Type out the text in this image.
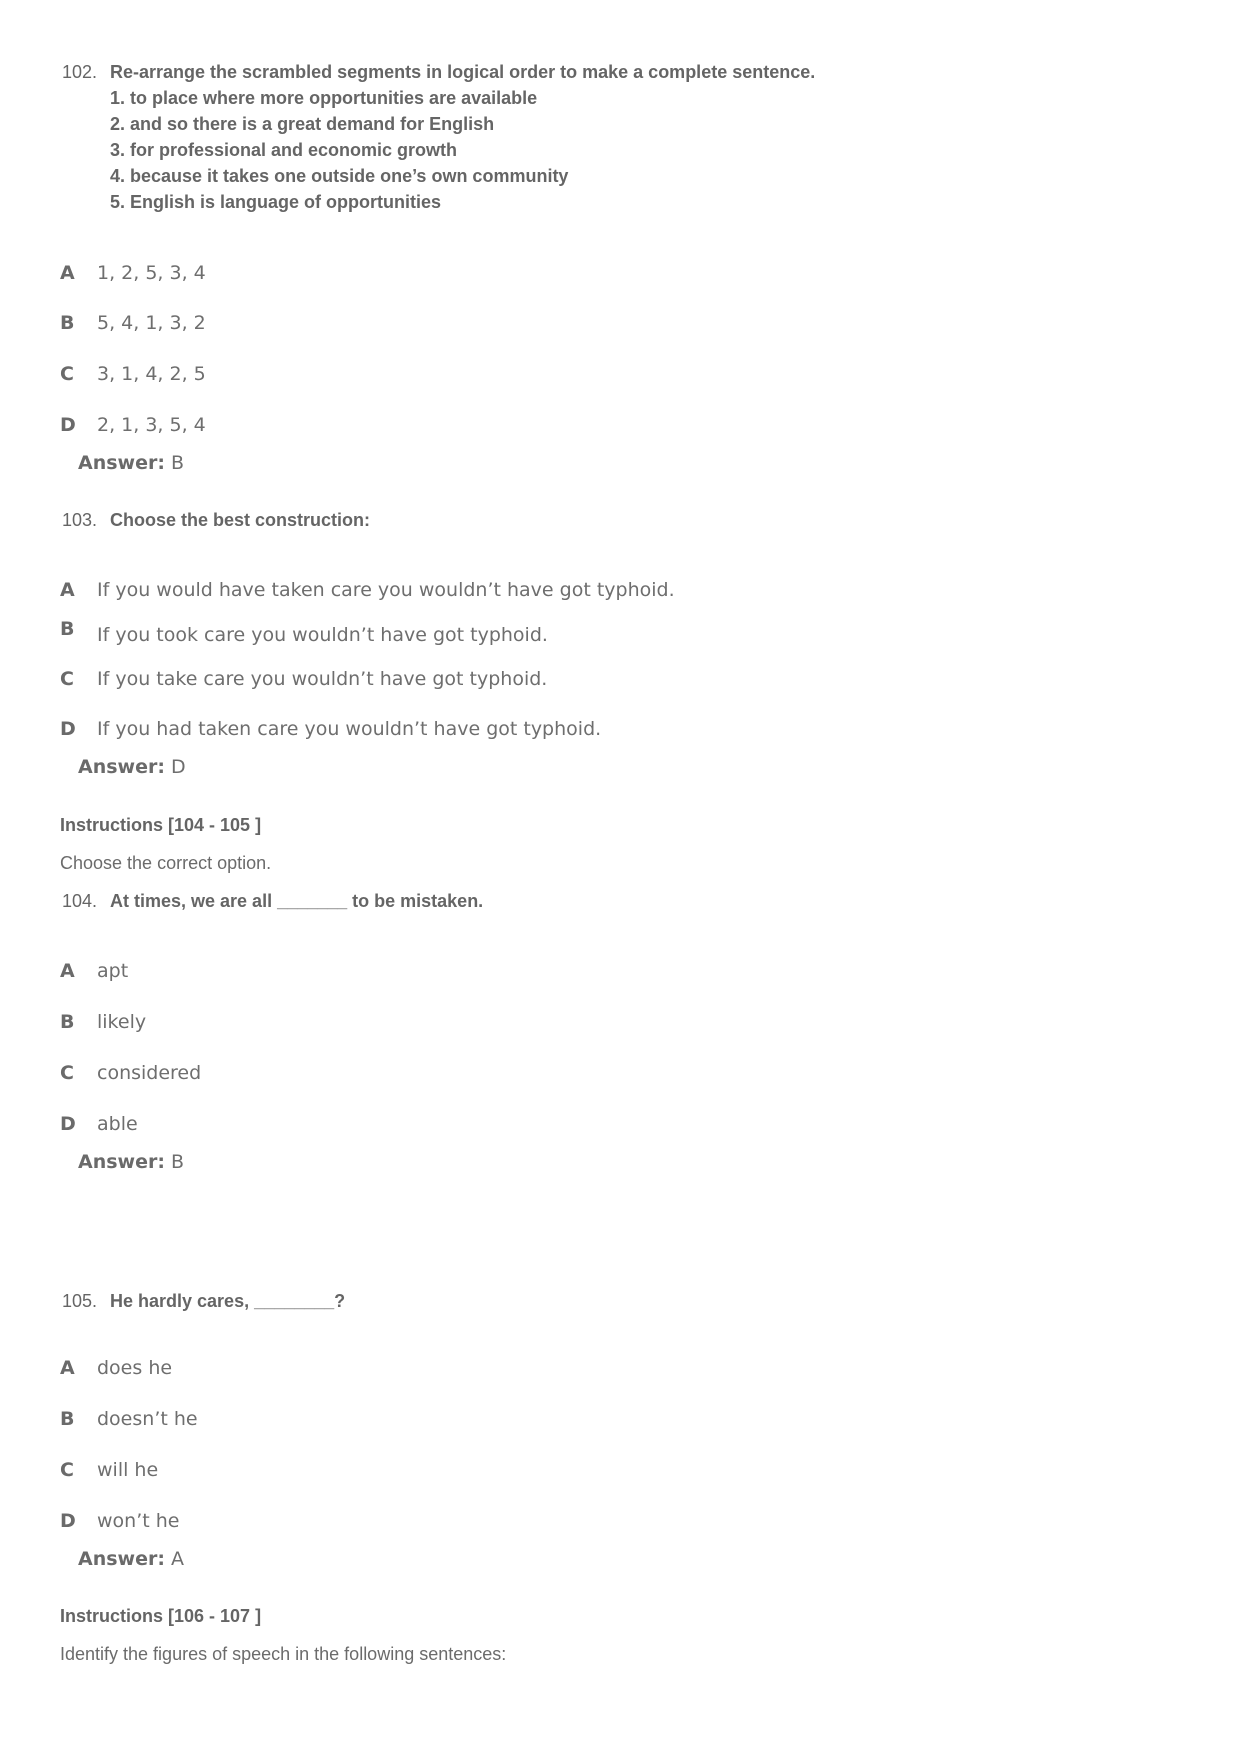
102. Re-arrange the scrambled segments in logical order to make a complete sentence.
1. to place where more opportunities are available
2. and so there is a great demand for English
3. for professional and economic growth
4. because it takes one outside one’s own community
5. English is language of opportunities
A 1, 2, 5, 3, 4
B 5, 4, 1, 3, 2
C 3, 1, 4, 2, 5
D 2, 1, 3, 5, 4
Answer: B
103. Choose the best construction:
A If you would have taken care you wouldn’t have got typhoid.
B If you took care you wouldn’t have got typhoid.
C If you take care you wouldn’t have got typhoid.
D If you had taken care you wouldn’t have got typhoid.
Answer: D
Instructions [104 - 105 ]
Choose the correct option.
104. At times, we are all _______ to be mistaken.
A apt
B likely
C considered
D able
Answer: B
105. He hardly cares, ________?
A does he
B doesn’t he
C will he
D won’t he
Answer: A
Instructions [106 - 107 ]
Identify the figures of speech in the following sentences:
